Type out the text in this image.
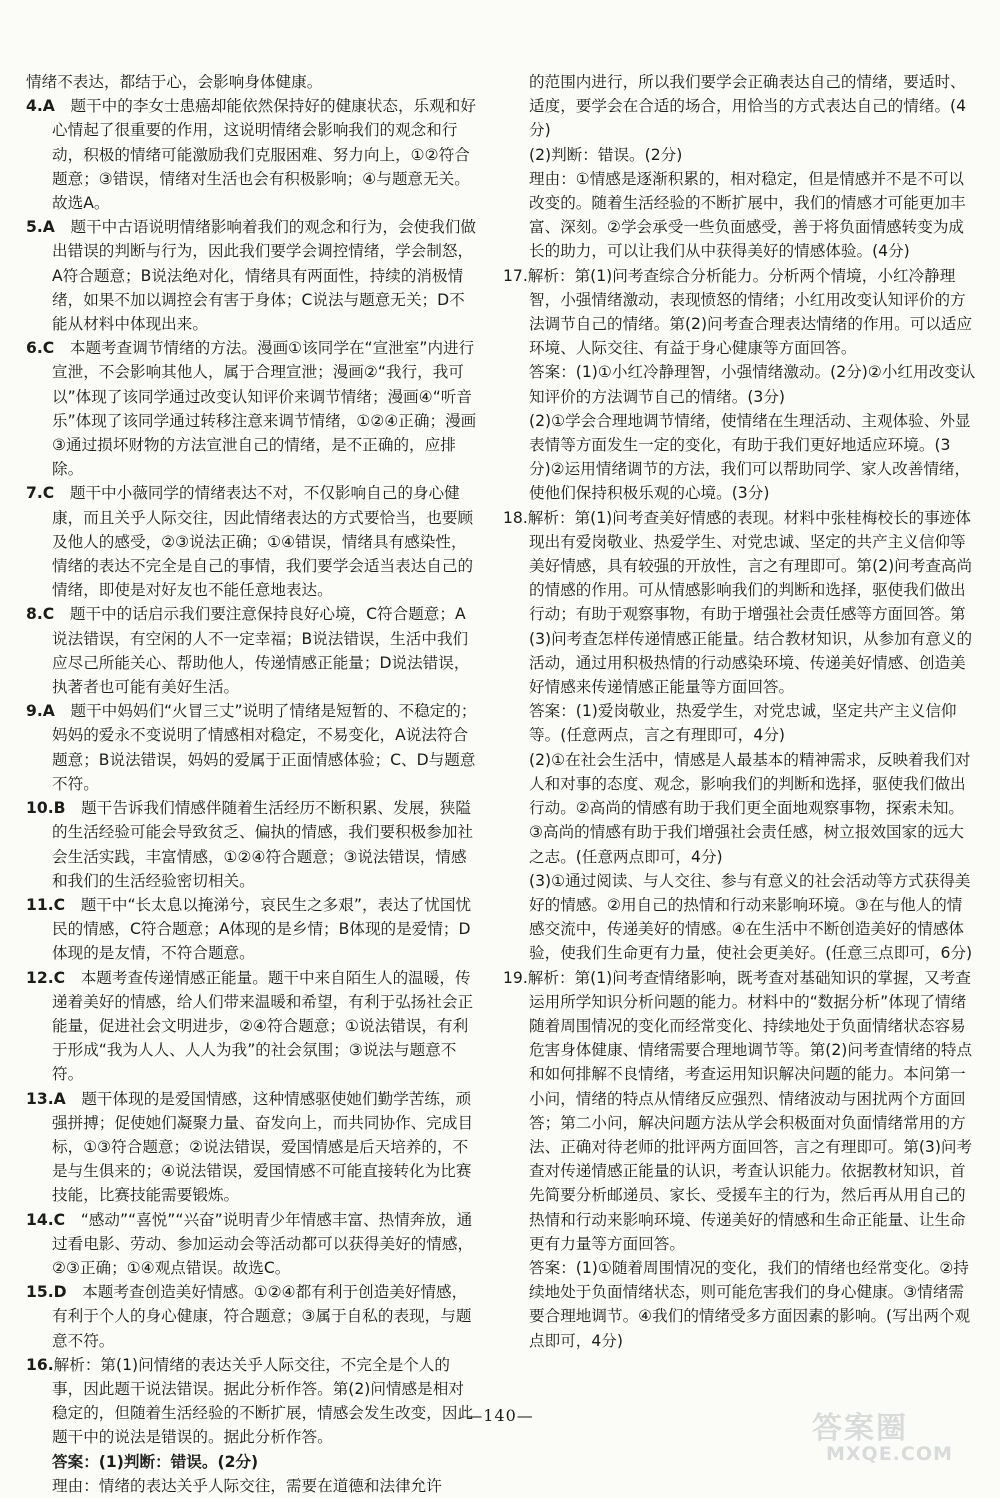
情绪不表达，都结于心，会影响身体健康。

4.A　 题干中的李女士患癌却能依然保持好的健康状态，乐观和好心情起了很重要的作用，这说明情绪会影响我们的观念和行动，积极的情绪可能激励我们克服困难、努力向上，①②符合题意；③错误，情绪对生活也会有积极影响；④与题意无关。故选A。

5.A　 题干中古语说明情绪影响着我们的观念和行为，会使我们做出错误的判断与行为，因此我们要学会调控情绪，学会制怒，A符合题意；B说法绝对化，情绪具有两面性，持续的消极情绪，如果不加以调控会有害于身体；C说法与题意无关；D不能从材料中体现出来。

6.C　 本题考查调节情绪的方法。漫画①该同学在“宣泄室”内进行宣泄，不会影响其他人，属于合理宣泄；漫画②“我行，我可以”体现了该同学通过改变认知评价来调节情绪；漫画④“听音乐”体现了该同学通过转移注意来调节情绪，①②④正确；漫画③通过损坏财物的方法宣泄自己的情绪，是不正确的，应排除。

7.C　 题干中小薇同学的情绪表达不对，不仅影响自己的身心健康，而且关乎人际交往，因此情绪表达的方式要恰当，也要顾及他人的感受，②③说法正确；①④错误，情绪具有感染性，情绪的表达不完全是自己的事情，我们要学会适当表达自己的情绪，即使是对好友也不能任意地表达。

8.C　 题干中的话启示我们要注意保持良好心境，C符合题意；A说法错误，有空闲的人不一定幸福；B说法错误，生活中我们应尽己所能关心、帮助他人，传递情感正能量；D说法错误，执著者也可能有美好生活。

9.A　 题干中妈妈们“火冒三丈”说明了情绪是短暂的、不稳定的；妈妈的爱永不变说明了情感相对稳定，不易变化，A说法符合题意；B说法错误，妈妈的爱属于正面情感体验；C、D与题意不符。

10.B　 题干告诉我们情感伴随着生活经历不断积累、发展，狭隘的生活经验可能会导致贫乏、偏执的情感，我们要积极参加社会生活实践，丰富情感，①②④符合题意；③说法错误，情感和我们的生活经验密切相关。

11.C　 题干中“长太息以掩涕兮，哀民生之多艰”，表达了忧国忧民的情感，C符合题意；A体现的是乡情；B体现的是爱情；D体现的是友情，不符合题意。

12.C　 本题考查传递情感正能量。题干中来自陌生人的温暖，传递着美好的情感，给人们带来温暖和希望，有利于弘扬社会正能量，促进社会文明进步，②④符合题意；①说法错误，有利于形成“我为人人、人人为我”的社会氛围；③说法与题意不符。

13.A　 题干体现的是爱国情感，这种情感驱使她们勤学苦练，顽强拼搏；促使她们凝聚力量、奋发向上，而共同协作、完成目标，①③符合题意；②说法错误，爱国情感是后天培养的，不是与生俱来的；④说法错误，爱国情感不可能直接转化为比赛技能，比赛技能需要锻炼。

14.C　 “感动”“喜悦”“兴奋”说明青少年情感丰富、热情奔放，通过看电影、劳动、参加运动会等活动都可以获得美好的情感，②③正确；①④观点错误。故选C。

15.D　 本题考查创造美好情感。①②④都有利于创造美好情感，有利于个人的身心健康，符合题意；③属于自私的表现，与题意不符。

16.解析：第(1)问情绪的表达关乎人际交往，不完全是个人的事，因此题干说法错误。据此分析作答。第(2)问情感是相对稳定的，但随着生活经验的不断扩展，情感会发生改变，因此题干中的说法是错误的。据此分析作答。

答案：(1)判断：错误。(2分)

理由：情绪的表达关乎人际交往，需要在道德和法律允许

的范围内进行，所以我们要学会正确表达自己的情绪，要适时、适度，要学会在合适的场合，用恰当的方式表达自己的情绪。(4分)

(2)判断：错误。(2分)

理由：①情感是逐渐积累的，相对稳定，但是情感并不是不可以改变的。随着生活经验的不断扩展中，我们的情感才可能更加丰富、深刻。②学会承受一些负面感受，善于将负面情感转变为成长的助力，可以让我们从中获得美好的情感体验。(4分)

17.解析：第(1)问考查综合分析能力。分析两个情境，小红冷静理智，小强情绪激动，表现愤怒的情绪；小红用改变认知评价的方法调节自己的情绪。第(2)问考查合理表达情绪的作用。可以适应环境、人际交往、有益于身心健康等方面回答。

答案：(1)①小红冷静理智，小强情绪激动。(2分)②小红用改变认知评价的方法调节自己的情绪。(3分)

(2)①学会合理地调节情绪，使情绪在生理活动、主观体验、外显表情等方面发生一定的变化，有助于我们更好地适应环境。(3分)②运用情绪调节的方法，我们可以帮助同学、家人改善情绪，使他们保持积极乐观的心境。(3分)

18.解析：第(1)问考查美好情感的表现。材料中张桂梅校长的事迹体现出有爱岗敬业、热爱学生、对党忠诚、坚定的共产主义信仰等美好情感，具有较强的开放性，言之有理即可。第(2)问考查高尚的情感的作用。可从情感影响我们的判断和选择，驱使我们做出行动；有助于观察事物，有助于增强社会责任感等方面回答。第(3)问考查怎样传递情感正能量。结合教材知识，从参加有意义的活动，通过用积极热情的行动感染环境、传递美好情感、创造美好情感来传递情感正能量等方面回答。

答案：(1)爱岗敬业，热爱学生，对党忠诚，坚定共产主义信仰等。(任意两点，言之有理即可，4分)

(2)①在社会生活中，情感是人最基本的精神需求，反映着我们对人和对事的态度、观念，影响我们的判断和选择，驱使我们做出行动。②高尚的情感有助于我们更全面地观察事物，探索未知。③高尚的情感有助于我们增强社会责任感，树立报效国家的远大之志。(任意两点即可，4分)

(3)①通过阅读、与人交往、参与有意义的社会活动等方式获得美好的情感。②用自己的热情和行动来影响环境。③在与他人的情感交流中，传递美好的情感。④在生活中不断创造美好的情感体验，使我们生命更有力量，使社会更美好。(任意三点即可，6分)

19.解析：第(1)问考查情绪影响，既考查对基础知识的掌握，又考查运用所学知识分析问题的能力。材料中的“数据分析”体现了情绪随着周围情况的变化而经常变化、持续地处于负面情绪状态容易危害身体健康、情绪需要合理地调节等。第(2)问考查情绪的特点和如何排解不良情绪，考查运用知识解决问题的能力。本问第一小问，情绪的特点从情绪反应强烈、情绪波动与困扰两个方面回答；第二小问，解决问题方法从学会积极面对负面情绪常用的方法、正确对待老师的批评两方面回答，言之有理即可。第(3)问考查对传递情感正能量的认识，考查认识能力。依据教材知识，首先简要分析邮递员、家长、受援车主的行为，然后再从用自己的热情和行动来影响环境、传递美好的情感和生命正能量、让生命更有力量等方面回答。

答案：(1)①随着周围情况的变化，我们的情绪也经常变化。②持续地处于负面情绪状态，则可能危害我们的身心健康。③情绪需要合理地调节。④我们的情绪受多方面因素的影响。(写出两个观点即可，4分)

—140—	答案圈
MXQE.COM
